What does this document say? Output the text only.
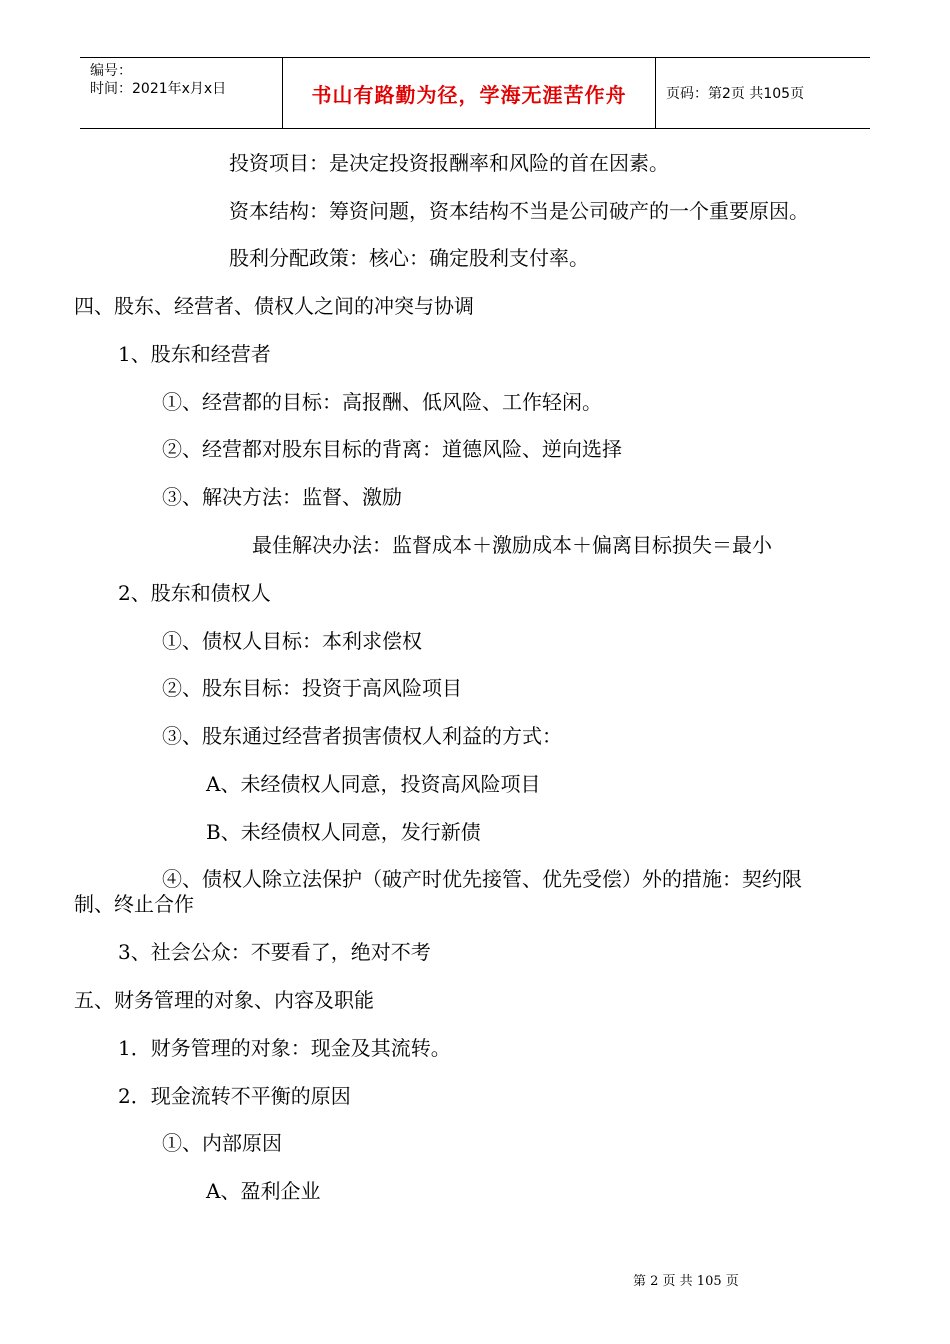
编号：
时间：2021年x月x日	书山有路勤为径，学海无涯苦作舟	页码：第2页 共105页
投资项目：是决定投资报酬率和风险的首在因素。
资本结构：筹资问题，资本结构不当是公司破产的一个重要原因。
股利分配政策：核心：确定股利支付率。
四、股东、经营者、债权人之间的冲突与协调
1、股东和经营者
①、经营都的目标：高报酬、低风险、工作轻闲。
②、经营都对股东目标的背离：道德风险、逆向选择
③、解决方法：监督、激励
最佳解决办法：监督成本＋激励成本＋偏离目标损失＝最小
2、股东和债权人
①、债权人目标：本利求偿权
②、股东目标：投资于高风险项目
③、股东通过经营者损害债权人利益的方式：
A、未经债权人同意，投资高风险项目
B、未经债权人同意，发行新债
④、债权人除立法保护（破产时优先接管、优先受偿）外的措施：契约限
制、终止合作
3、社会公众：不要看了，绝对不考
五、财务管理的对象、内容及职能
1．财务管理的对象：现金及其流转。
2．现金流转不平衡的原因
①、内部原因
A、盈利企业
第 2 页 共 105 页
